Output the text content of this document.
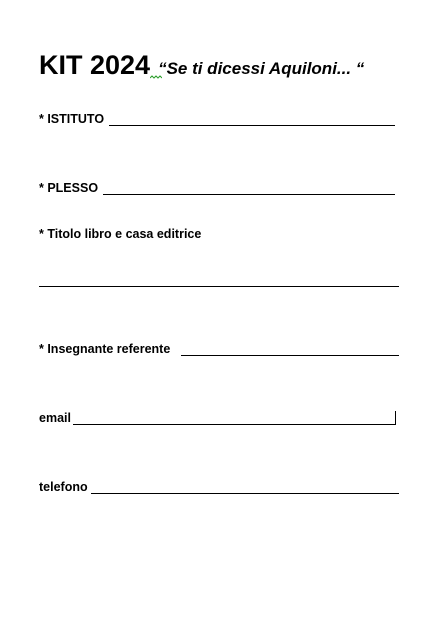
KIT 2024 “Se ti dicessi Aquiloni... “
* ISTITUTO
* PLESSO
* Titolo libro e casa editrice
* Insegnante referente
email
telefono
